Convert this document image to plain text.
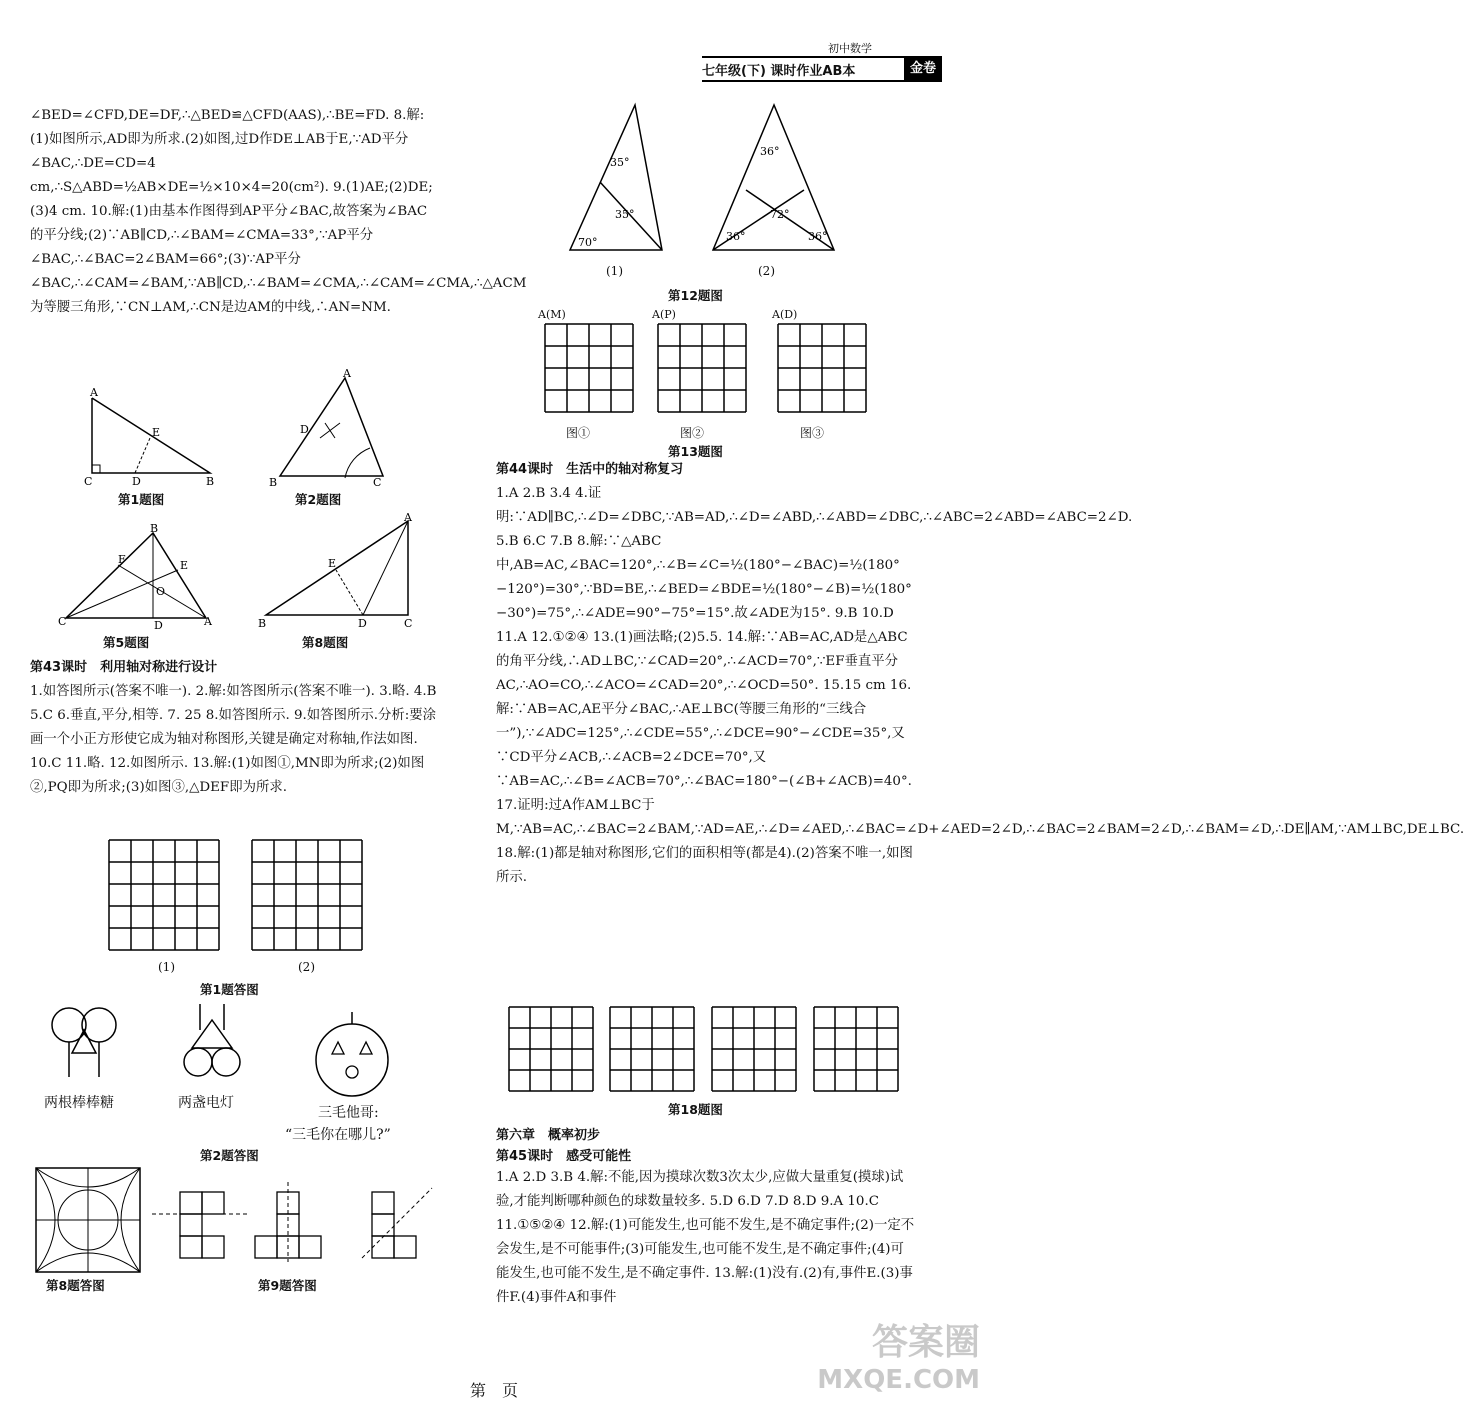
初中数学
七年级(下) 课时作业AB本	金卷
∠BED=∠CFD,DE=DF,∴△BED≌△CFD(AAS),∴BE=FD. 8.解:(1)如图所示,AD即为所求.(2)如图,过D作DE⊥AB于E,∵AD平分∠BAC,∴DE=CD=4 cm,∴S△ABD=½AB×DE=½×10×4=20(cm²). 9.(1)AE;(2)DE;(3)4 cm. 10.解:(1)由基本作图得到AP平分∠BAC,故答案为∠BAC的平分线;(2)∵AB∥CD,∴∠BAM=∠CMA=33°,∵AP平分∠BAC,∴∠BAC=2∠BAM=66°;(3)∵AP平分∠BAC,∴∠CAM=∠BAM,∵AB∥CD,∴∠BAM=∠CMA,∴∠CAM=∠CMA,∴△ACM为等腰三角形,∵CN⊥AM,∴CN是边AM的中线,∴AN=NM.
A
C	D	B
E
第1题图
A
D
B	C
第2题图
B
C	A
F	E
O
D
第5题图
A
B	D	C
E
第8题图
第43课时　利用轴对称进行设计
1.如答图所示(答案不唯一). 2.解:如答图所示(答案不唯一). 3.略. 4.B 5.C 6.垂直,平分,相等. 7. 25 8.如答图所示. 9.如答图所示.分析:要涂画一个小正方形使它成为轴对称图形,关键是确定对称轴,作法如图. 10.C 11.略. 12.如图所示. 13.解:(1)如图①,MN即为所求;(2)如图②,PQ即为所求;(3)如图③,△DEF即为所求.
(1)	(2)
第1题答图
两根棒棒糖	两盏电灯
三毛他哥:
“三毛你在哪儿?”
第2题答图
第8题答图	第9题答图
35°
35°
70°
(1)
36°
72°
36°	36°
(2)
第12题图
A(M)	A(P)	A(D)
图①	图②	图③
第13题图
第44课时　生活中的轴对称复习
1.A 2.B 3.4 4.证明:∵AD∥BC,∴∠D=∠DBC,∵AB=AD,∴∠D=∠ABD,∴∠ABD=∠DBC,∴∠ABC=2∠ABD=∠ABC=2∠D. 5.B 6.C 7.B 8.解:∵△ABC中,AB=AC,∠BAC=120°,∴∠B=∠C=½(180°−∠BAC)=½(180°−120°)=30°,∵BD=BE,∴∠BED=∠BDE=½(180°−∠B)=½(180°−30°)=75°,∴∠ADE=90°−75°=15°.故∠ADE为15°. 9.B 10.D 11.A 12.①②④ 13.(1)画法略;(2)5.5. 14.解:∵AB=AC,AD是△ABC的角平分线,∴AD⊥BC,∵∠CAD=20°,∴∠ACD=70°,∵EF垂直平分AC,∴AO=CO,∴∠ACO=∠CAD=20°,∴∠OCD=50°. 15.15 cm 16.解:∵AB=AC,AE平分∠BAC,∴AE⊥BC(等腰三角形的“三线合一”),∵∠ADC=125°,∴∠CDE=55°,∴∠DCE=90°−∠CDE=35°,又∵CD平分∠ACB,∴∠ACB=2∠DCE=70°,又∵AB=AC,∴∠B=∠ACB=70°,∴∠BAC=180°−(∠B+∠ACB)=40°. 17.证明:过A作AM⊥BC于M,∵AB=AC,∴∠BAC=2∠BAM,∵AD=AE,∴∠D=∠AED,∴∠BAC=∠D+∠AED=2∠D,∴∠BAC=2∠BAM=2∠D,∴∠BAM=∠D,∴DE∥AM,∵AM⊥BC,DE⊥BC. 18.解:(1)都是轴对称图形,它们的面积相等(都是4).(2)答案不唯一,如图所示.
第18题图
第六章　概率初步
第45课时　感受可能性
1.A 2.D 3.B 4.解:不能,因为摸球次数3次太少,应做大量重复(摸球)试验,才能判断哪种颜色的球数量较多. 5.D 6.D 7.D 8.D 9.A 10.C 11.①⑤②④ 12.解:(1)可能发生,也可能不发生,是不确定事件;(2)一定不会发生,是不可能事件;(3)可能发生,也可能不发生,是不确定事件;(4)可能发生,也可能不发生,是不确定事件. 13.解:(1)没有.(2)有,事件E.(3)事件F.(4)事件A和事件
第　页
答案圈
MXQE.COM
